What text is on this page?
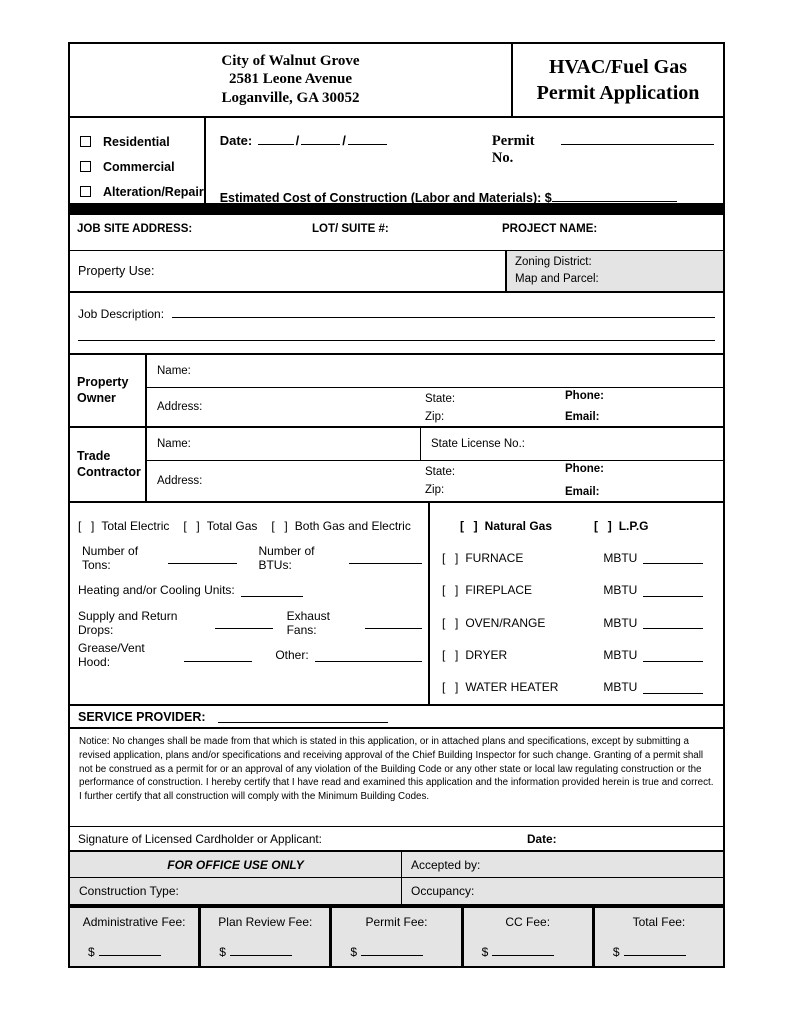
City of Walnut Grove
2581 Leone Avenue
Loganville, GA 30052
HVAC/Fuel Gas
Permit Application
Residential
Commercial
Alteration/Repair
Date:	/	/	Permit No.
Estimated Cost of Construction (Labor and Materials): $
JOB SITE ADDRESS:	LOT/ SUITE #:	PROJECT NAME:
Property Use:
Zoning District:
Map and Parcel:
Job Description:
Property Owner
Name:
Address:
State:
Zip:
Phone:
Email:
Trade Contractor
Name:	State License No.:
Address:
State:
Zip:
Phone:
Email:
[  ] Total Electric [  ] Total Gas [  ] Both Gas and Electric
Number of Tons:
Number of BTUs:
Heating and/or Cooling Units:
Supply and Return Drops:
Exhaust Fans:
Grease/Vent Hood:	Other:
[  ] Natural Gas	[  ] L.P.G
[  ] FURNACE	MBTU
[  ] FIREPLACE	MBTU
[  ] OVEN/RANGE	MBTU
[  ] DRYER	MBTU
[  ] WATER HEATER	MBTU
SERVICE PROVIDER:

Notice: No changes shall be made from that which is stated in this application, or in attached plans and specifications, except by submitting a revised application, plans and/or specifications and receiving approval of the Chief Building Inspector for such change. Granting of a permit shall not be construed as a permit for or an approval of any violation of the Building Code or any other state or local law regulating construction or the performance of construction. I hereby certify that I have read and examined this application and the information provided herein is true and correct. I further certify that all construction will comply with the Minimum Building Codes.

Signature of Licensed Cardholder or Applicant:	Date:
FOR OFFICE USE ONLY	Accepted by:
Construction Type:	Occupancy:
Administrative Fee:
$
Plan Review Fee:
$
Permit Fee:
$
CC Fee:
$
Total Fee:
$
